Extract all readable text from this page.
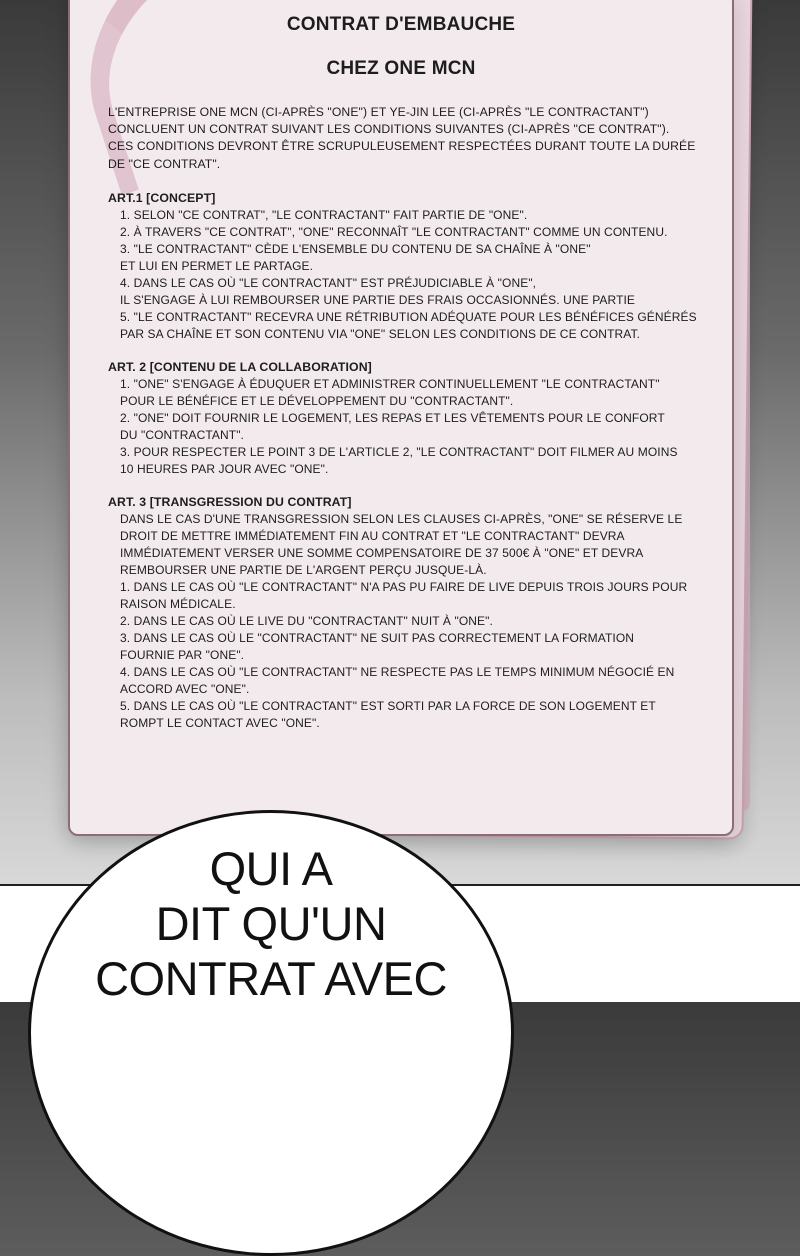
CONTRAT D'EMBAUCHE
CHEZ ONE MCN
L'ENTREPRISE ONE MCN (CI-APRÈS "ONE") ET YE-JIN LEE (CI-APRÈS "LE CONTRACTANT")
CONCLUENT UN CONTRAT SUIVANT LES CONDITIONS SUIVANTES (CI-APRÈS "CE CONTRAT").
CES CONDITIONS DEVRONT ÊTRE SCRUPULEUSEMENT RESPECTÉES DURANT TOUTE LA DURÉE
DE "CE CONTRAT".
ART.1 [CONCEPT]
1. SELON "CE CONTRAT", "LE CONTRACTANT" FAIT PARTIE DE "ONE".
2. À TRAVERS "CE CONTRAT", "ONE" RECONNAÎT "LE CONTRACTANT" COMME UN CONTENU.
3. "LE CONTRACTANT" CÈDE L'ENSEMBLE DU CONTENU DE SA CHAÎNE À "ONE"
ET LUI EN PERMET LE PARTAGE.
4. DANS LE CAS OÙ "LE CONTRACTANT" EST PRÉJUDICIABLE À "ONE",
IL S'ENGAGE À LUI REMBOURSER UNE PARTIE DES FRAIS OCCASIONNÉS. UNE PARTIE
5. "LE CONTRACTANT" RECEVRA UNE RÉTRIBUTION ADÉQUATE POUR LES BÉNÉFICES GÉNÉRÉS
PAR SA CHAÎNE ET SON CONTENU VIA "ONE" SELON LES CONDITIONS DE CE CONTRAT.
ART. 2 [CONTENU DE LA COLLABORATION]
1. "ONE" S'ENGAGE À ÉDUQUER ET ADMINISTRER CONTINUELLEMENT "LE CONTRACTANT"
POUR LE BÉNÉFICE ET LE DÉVELOPPEMENT DU "CONTRACTANT".
2. "ONE" DOIT FOURNIR LE LOGEMENT, LES REPAS ET LES VÊTEMENTS POUR LE CONFORT
DU "CONTRACTANT".
3. POUR RESPECTER LE POINT 3 DE L'ARTICLE 2, "LE CONTRACTANT" DOIT FILMER AU MOINS
10 HEURES PAR JOUR AVEC "ONE".
ART. 3 [TRANSGRESSION DU CONTRAT]
DANS LE CAS D'UNE TRANSGRESSION SELON LES CLAUSES CI-APRÈS, "ONE" SE RÉSERVE LE
DROIT DE METTRE IMMÉDIATEMENT FIN AU CONTRAT ET "LE CONTRACTANT" DEVRA
IMMÉDIATEMENT VERSER UNE SOMME COMPENSATOIRE DE 37 500€ À "ONE" ET DEVRA
REMBOURSER UNE PARTIE DE L'ARGENT PERÇU JUSQUE-LÀ.
1. DANS LE CAS OÙ "LE CONTRACTANT" N'A PAS PU FAIRE DE LIVE DEPUIS TROIS JOURS POUR
RAISON MÉDICALE.
2. DANS LE CAS OÙ LE LIVE DU "CONTRACTANT" NUIT À "ONE".
3. DANS LE CAS OÙ LE "CONTRACTANT" NE SUIT PAS CORRECTEMENT LA FORMATION
FOURNIE PAR "ONE".
4. DANS LE CAS OÙ "LE CONTRACTANT" NE RESPECTE PAS LE TEMPS MINIMUM NÉGOCIÉ EN
ACCORD AVEC "ONE".
5. DANS LE CAS OÙ "LE CONTRACTANT" EST SORTI PAR LA FORCE DE SON LOGEMENT ET
ROMPT LE CONTACT AVEC "ONE".
QUI A
DIT QU'UN
CONTRAT AVEC
